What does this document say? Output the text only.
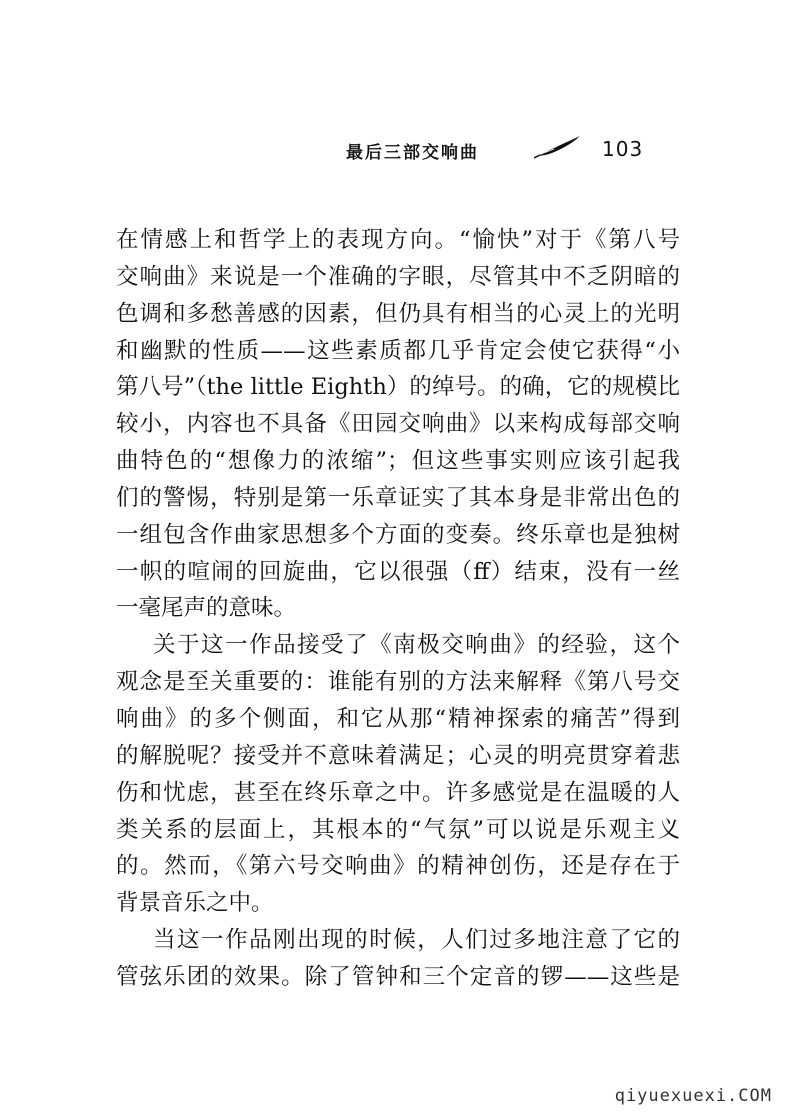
最后三部交响曲	103
在情感上和哲学上的表现方向。“愉快”对于《第八号
交响曲》来说是一个准确的字眼，尽管其中不乏阴暗的
色调和多愁善感的因素，但仍具有相当的心灵上的光明
和幽默的性质——这些素质都几乎肯定会使它获得“小
第八号”（the little Eighth）的绰号。的确，它的规模比
较小，内容也不具备《田园交响曲》以来构成每部交响
曲特色的“想像力的浓缩”；但这些事实则应该引起我
们的警惕，特别是第一乐章证实了其本身是非常出色的
一组包含作曲家思想多个方面的变奏。终乐章也是独树
一帜的喧闹的回旋曲，它以很强（ff）结束，没有一丝
一毫尾声的意味。
关于这一作品接受了《南极交响曲》的经验，这个
观念是至关重要的：谁能有别的方法来解释《第八号交
响曲》的多个侧面，和它从那“精神探索的痛苦”得到
的解脱呢？接受并不意味着满足；心灵的明亮贯穿着悲
伤和忧虑，甚至在终乐章之中。许多感觉是在温暖的人
类关系的层面上，其根本的“气氛”可以说是乐观主义
的。然而，《第六号交响曲》的精神创伤，还是存在于
背景音乐之中。
当这一作品刚出现的时候，人们过多地注意了它的
管弦乐团的效果。除了管钟和三个定音的锣——这些是
qiyuexuexi.COM
